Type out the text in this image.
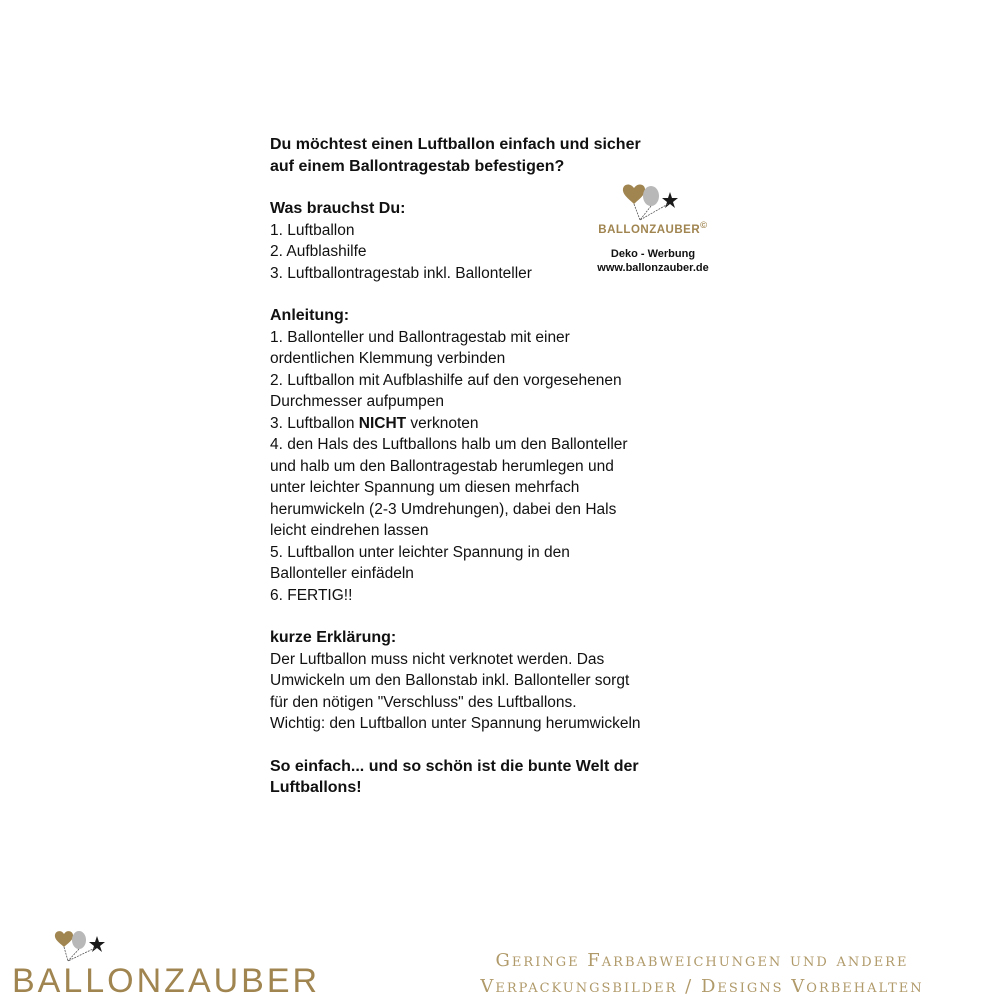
Du möchtest einen Luftballon einfach und sicher

auf einem Ballontragestab befestigen?

Was brauchst Du:

1. Luftballon

2. Aufblashilfe

3. Luftballontragestab inkl. Ballonteller

Anleitung:

1. Ballonteller und Ballontragestab mit einer

ordentlichen Klemmung verbinden

2. Luftballon mit Aufblashilfe auf den vorgesehenen

Durchmesser aufpumpen

3. Luftballon NICHT verknoten

4. den Hals des Luftballons halb um den Ballonteller

und halb um den Ballontragestab herumlegen und

unter leichter Spannung um diesen mehrfach

herumwickeln (2-3 Umdrehungen), dabei den Hals

leicht eindrehen lassen

5. Luftballon unter leichter Spannung in den

Ballonteller einfädeln

6. FERTIG!!

kurze Erklärung:

Der Luftballon muss nicht verknotet werden. Das

Umwickeln um den Ballonstab inkl. Ballonteller sorgt

für den nötigen "Verschluss" des Luftballons.

Wichtig: den Luftballon unter Spannung herumwickeln

So einfach... und so schön ist die bunte Welt der

Luftballons!

BALLONZAUBER©
Deko - Werbung
www.ballonzauber.de
BALLONZAUBER
Geringe Farbabweichungen und andere
Verpackungsbilder / Designs Vorbehalten
